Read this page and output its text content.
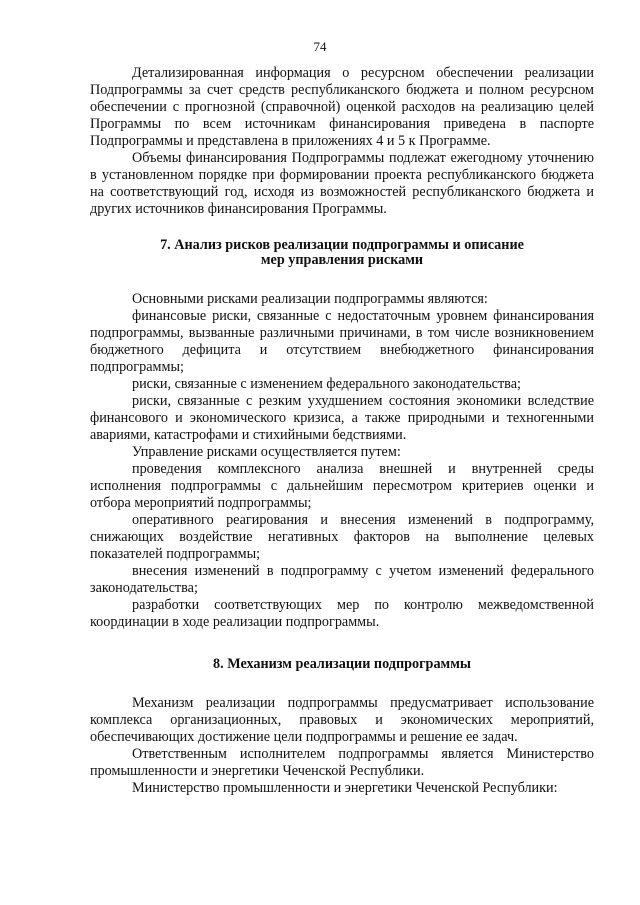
74

Детализированная информация о ресурсном обеспечении реализации Подпрограммы за счет средств республиканского бюджета и полном ресурсном обеспечении с прогнозной (справочной) оценкой расходов на реализацию целей Программы по всем источникам финансирования приведена в паспорте Подпрограммы и представлена в приложениях 4 и 5 к Программе.

Объемы финансирования Подпрограммы подлежат ежегодному уточнению в установленном порядке при формировании проекта республиканского бюджета на соответствующий год, исходя из возможностей республиканского бюджета и других источников финансирования Программы.

7. Анализ рисков реализации подпрограммы и описание
мер управления рисками

Основными рисками реализации подпрограммы являются:

финансовые риски, связанные с недостаточным уровнем финансирования подпрограммы, вызванные различными причинами, в том числе возникновением бюджетного дефицита и отсутствием внебюджетного финансирования подпрограммы;

риски, связанные с изменением федерального законодательства;

риски, связанные с резким ухудшением состояния экономики вследствие финансового и экономического кризиса, а также природными и техногенными авариями, катастрофами и стихийными бедствиями.

Управление рисками осуществляется путем:

проведения комплексного анализа внешней и внутренней среды исполнения подпрограммы с дальнейшим пересмотром критериев оценки и отбора мероприятий подпрограммы;

оперативного реагирования и внесения изменений в подпрограмму, снижающих воздействие негативных факторов на выполнение целевых показателей подпрограммы;

внесения изменений в подпрограмму с учетом изменений федерального законодательства;

разработки соответствующих мер по контролю межведомственной координации в ходе реализации подпрограммы.

8. Механизм реализации подпрограммы

Механизм реализации подпрограммы предусматривает использование комплекса организационных, правовых и экономических мероприятий, обеспечивающих достижение цели подпрограммы и решение ее задач.

Ответственным исполнителем подпрограммы является Министерство промышленности и энергетики Чеченской Республики.

Министерство промышленности и энергетики Чеченской Республики:
